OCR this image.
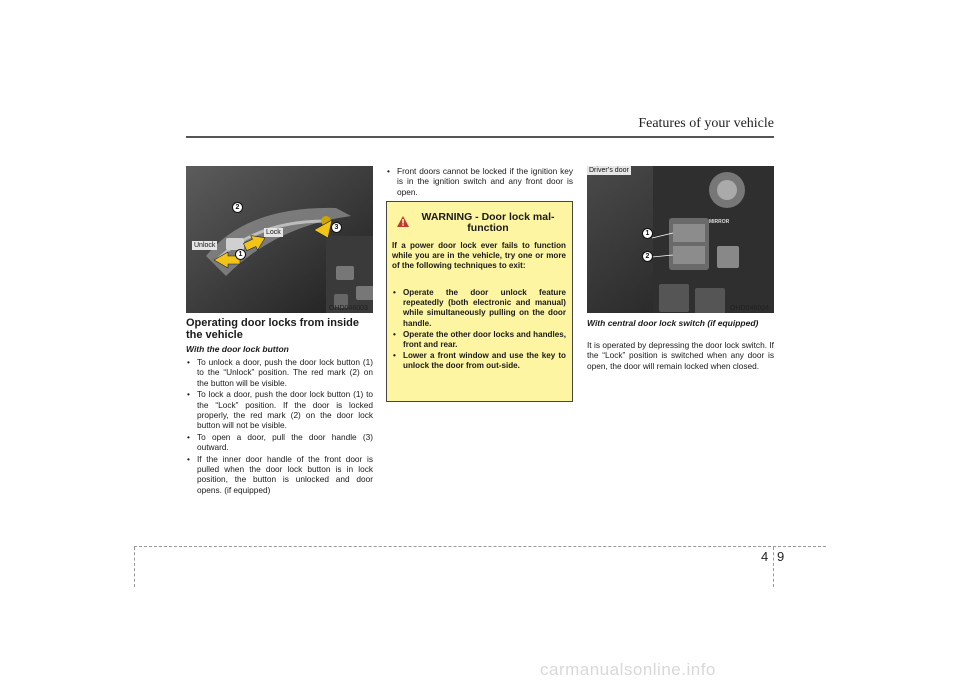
Features of your vehicle
Unlock
Lock
1
2
3
OHD046003
Operating door locks from inside the vehicle
With the door lock button
• To unlock a door, push the door lock button (1) to the “Unlock” position. The red mark (2) on the button will be visible.
• To lock a door, push the door lock button (1) to the “Lock” position. If the door is locked properly, the red mark (2) on the door lock button will not be visible.
• To open a door, pull the door handle (3) outward.
• If the inner door handle of the front door is pulled when the door lock button is in lock position, the button is unlocked and door opens. (if equipped)
• Front doors cannot be locked if the ignition key is in the ignition switch and any front door is open.
WARNING - Door lock mal-function
If a power door lock ever fails to function while you are in the vehicle, try one or more of the following techniques to exit:
• Operate the door unlock feature repeatedly (both electronic and manual) while simultaneously pulling on the door handle.
• Operate the other door locks and handles, front and rear.
• Lower a front window and use the key to unlock the door from out-side.
Driver’s door
MIRROR
1
2
OHD046004
With central door lock switch (if equipped)
It is operated by depressing the door lock switch. If the “Lock” position is switched when any door is open, the door will remain locked when closed.
4 9
carmanualsonline.info
